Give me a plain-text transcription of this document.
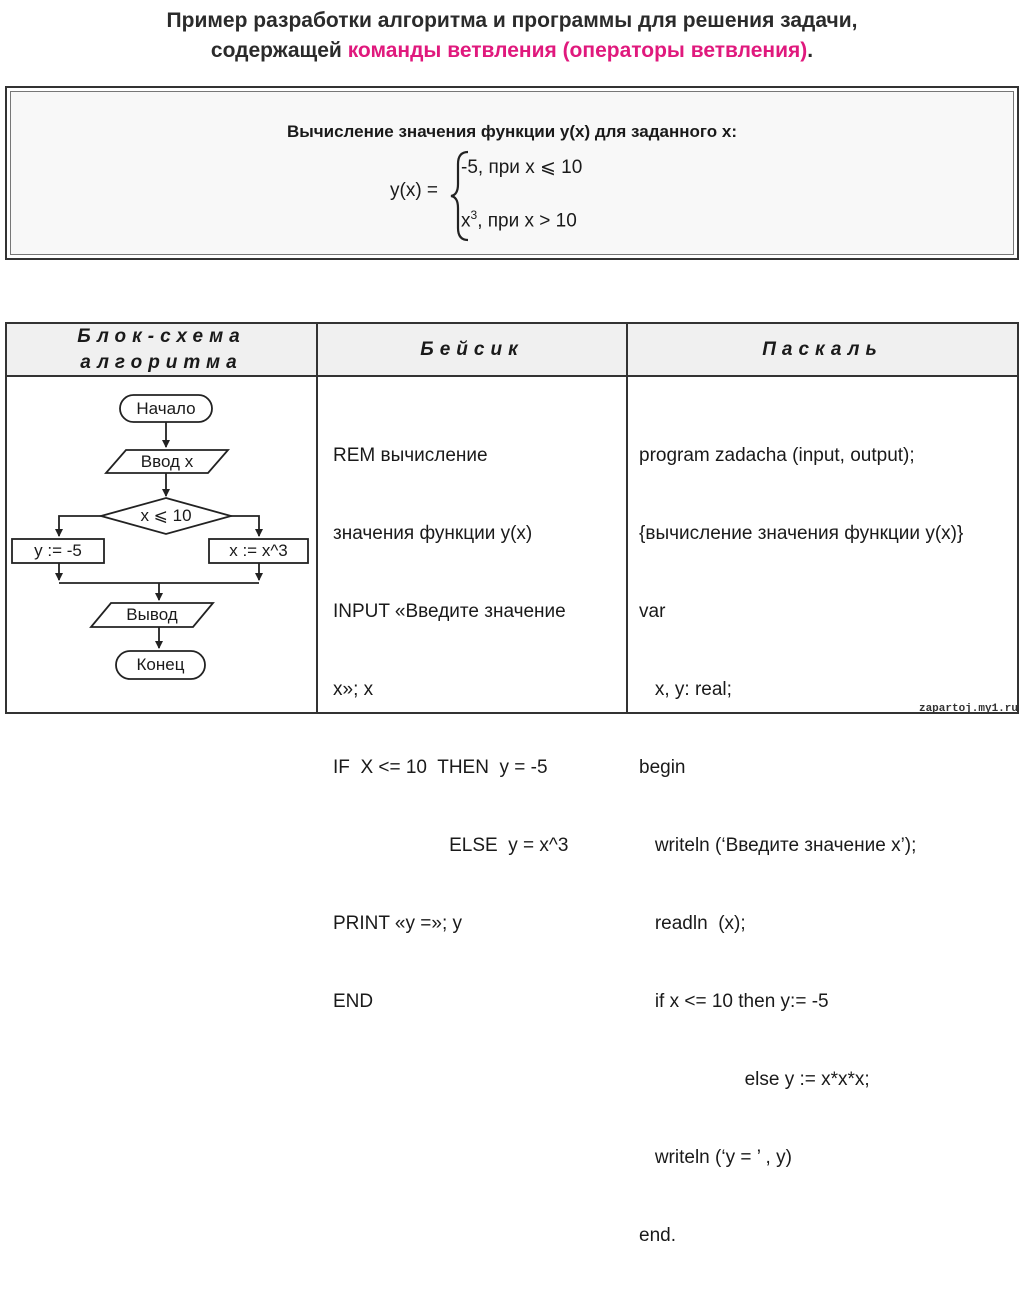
Пример разработки алгоритма и программы для решения задачи,
содержащей команды ветвления (операторы ветвления).
Вычисление значения функции y(x) для заданного x:
y(x) =
-5, при x ⩽ 10
$x^3$, при x > 10
Блок-схема
алгоритма
Бейсик	Паскаль
Начало
Ввод x
x ⩽ 10
y := -5	x := x^3
Вывод
Конец

REM вычисление

значения функции y(x)

INPUT «Введите значение

x»; x

IF  X <= 10  THEN  y = -5

ELSE  y = x^3

PRINT «y =»; y

END

program zadacha (input, output);

{вычисление значения функции y(x)}

var

x, y: real;

begin

writeln (‘Введите значение x’);

readln  (x);

if x <= 10 then y:= -5

else y := x*x*x;

writeln (‘y = ’ , y)

end.

zapartoj.my1.ru
